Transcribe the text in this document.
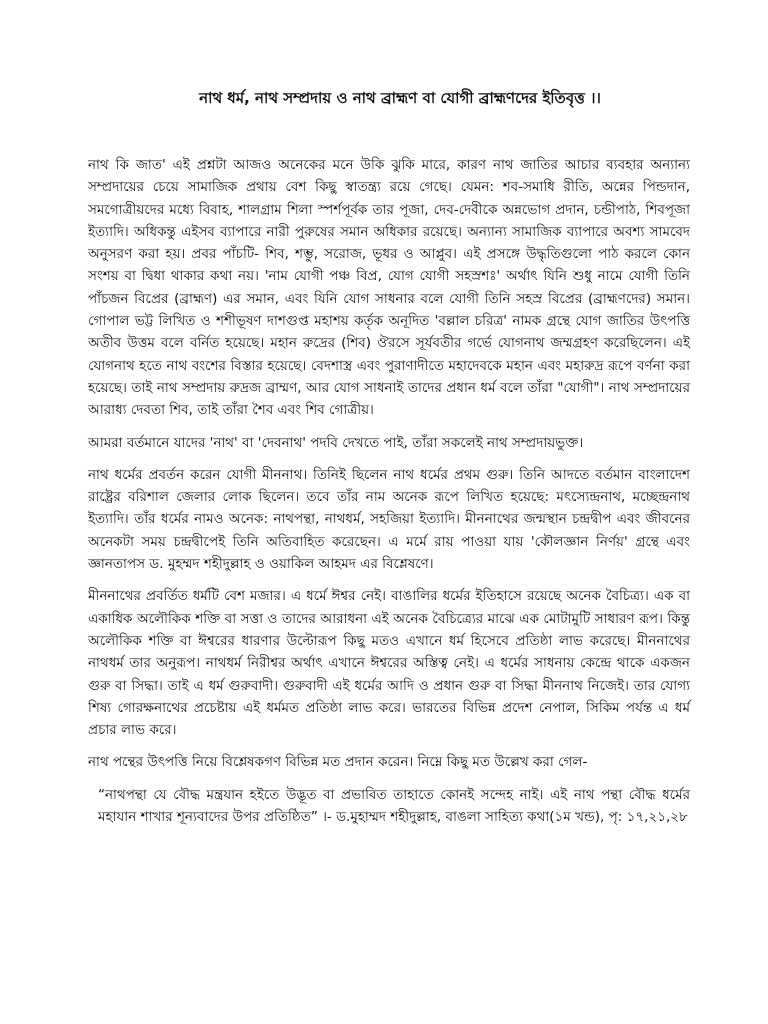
নাথ ধর্ম, নাথ সম্প্রদায় ও নাথ ব্রাহ্মণ বা যোগী ব্রাহ্মণদের ইতিবৃত্ত ।।

নাথ কি জাত' এই প্রশ্নটা আজও অনেকের মনে উকি ঝুকি মারে, কারণ নাথ জাতির আচার ব্যবহার অন্যান্য সম্প্রদায়ের চেয়ে সামাজিক প্রথায় বেশ কিছু স্বাতন্ত্র্য রয়ে গেছে। যেমন: শব-সমাধি রীতি, অন্নের পিন্ডদান, সমগোত্রীয়দের মধ্যে বিবাহ, শালগ্রাম শিলা স্পর্শপূর্বক তার পূজা, দেব-দেবীকে অন্নভোগ প্রদান, চন্ডীপাঠ, শিবপূজা ইত্যাদি। অধিকন্তু এইসব ব্যাপারে নারী পুরুষের সমান অধিকার রয়েছে। অন্যান্য সামাজিক ব্যাপারে অবশ্য সামবেদ অনুসরণ করা হয়। প্রবর পাঁচটি- শিব, শম্ভু, সরোজ, ভূধর ও আপ্লুব। এই প্রসঙ্গে উদ্ধৃতিগুলো পাঠ করলে কোন সংশয় বা দ্বিধা থাকার কথা নয়। 'নাম যোগী পঞ্চ বিপ্র, যোগ যোগী সহস্রশঃ' অর্থাৎ যিনি শুধু নামে যোগী তিনি পাঁচজন বিপ্রের (ব্রাহ্মণ) এর সমান, এবং যিনি যোগ সাধনার বলে যোগী তিনি সহস্র বিপ্রের (ব্রাহ্মণদের) সমান। গোপাল ভট্ট লিখিত ও শশীভূষণ দাশগুপ্ত মহাশয় কর্তৃক অনূদিত 'বল্লাল চরিত্র' নামক গ্রন্থে যোগ জাতির উৎপত্তি অতীব উত্তম বলে বর্নিত হয়েছে। মহান রুদ্রের (শিব) ঔরসে সূর্যবতীর গর্ভে যোগনাথ জম্মগ্রহণ করেছিলেন। এই যোগনাথ হতে নাথ বংশের বিস্তার হয়েছে। বেদশাস্ত্র এবং পুরাণাদীতে মহাদেবকে মহান এবং মহারুদ্র রূপে বর্ণনা করা হয়েছে। তাই নাথ সম্প্রদায় রুদ্রজ ব্রাম্মণ, আর যোগ সাধনাই তাদের প্রধান ধর্ম বলে তাঁরা "যোগী"। নাথ সম্প্রদায়ের আরাধ্য দেবতা শিব, তাই তাঁরা শৈব এবং শিব গোত্রীয়।

আমরা বর্তমানে যাদের 'নাথ' বা 'দেবনাথ' পদবি দেখতে পাই, তাঁরা সকলেই নাথ সম্প্রদায়ভুক্ত।

নাথ ধর্মের প্রবর্তন করেন যোগী মীননাথ। তিনিই ছিলেন নাথ ধর্মের প্রথম গুরু। তিনি আদতে বর্তমান বাংলাদেশ রাষ্ট্রের বরিশাল জেলার লোক ছিলেন। তবে তাঁর নাম অনেক রূপে লিখিত হয়েছে: মৎস্যেন্দ্রনাথ, মচ্ছেন্দ্রনাথ ইত্যাদি। তাঁর ধর্মের নামও অনেক: নাথপন্থা, নাথধর্ম, সহজিয়া ইত্যাদি। মীননাথের জন্মস্থান চন্দ্রদ্বীপ এবং জীবনের অনেকটা সময় চন্দ্রদ্বীপেই তিনি অতিবাহিত করেছেন। এ মর্মে রায় পাওয়া যায় 'কৌলজ্ঞান নির্ণয়' গ্রন্থে এবং জ্ঞানতাপস ড. মুহম্মদ শহীদুল্লাহ ও ওয়াকিল আহমদ এর বিশ্লেষণে।

মীননাথের প্রবর্তিত ধর্মটি বেশ মজার। এ ধর্মে ঈশ্বর নেই। বাঙালির ধর্মের ইতিহাসে রয়েছে অনেক বৈচিত্র্য। এক বা একাধিক অলৌকিক শক্তি বা সত্তা ও তাদের আরাধনা এই অনেক বৈচিত্র্যের মাঝে এক মোটামুটি সাধারণ রূপ। কিন্তু অলৌকিক শক্তি বা ঈশ্বরের ধারণার উল্টোরূপ কিছু মতও এখানে ধর্ম হিসেবে প্রতিষ্ঠা লাভ করেছে। মীননাথের নাথধর্ম তার অনুরূপ। নাথধর্ম নিরীশ্বর অর্থাৎ এখানে ঈশ্বরের অস্তিত্ব নেই। এ ধর্মের সাধনায় কেন্দ্রে থাকে একজন গুরু বা সিদ্ধা। তাই এ ধর্ম গুরুবাদী। গুরুবাদী এই ধর্মের আদি ও প্রধান গুরু বা সিদ্ধা মীননাথ নিজেই। তার যোগ্য শিষ্য গোরক্ষনাথের প্রচেষ্টায় এই ধর্মমত প্রতিষ্ঠা লাভ করে। ভারতের বিভিন্ন প্রদেশ নেপাল, সিকিম পর্যন্ত এ ধর্ম প্রচার লাভ করে।

নাথ পন্থের উৎপত্তি নিয়ে বিশ্লেষকগণ বিভিন্ন মত প্রদান করেন। নিম্নে কিছু মত উল্লেখ করা গেল-

“নাথপন্থা যে বৌদ্ধ মন্ত্রযান হইতে উদ্ভূত বা প্রভাবিত তাহাতে কোনই সন্দেহ নাই। এই নাথ পন্থা বৌদ্ধ ধর্মের মহাযান শাখার শূন্যবাদের উপর প্রতিষ্ঠিত” ।- ড.মুহাম্মদ শহীদুল্লাহ, বাঙলা সাহিত্য কথা(১ম খন্ড), পৃ: ১৭,২১,২৮
